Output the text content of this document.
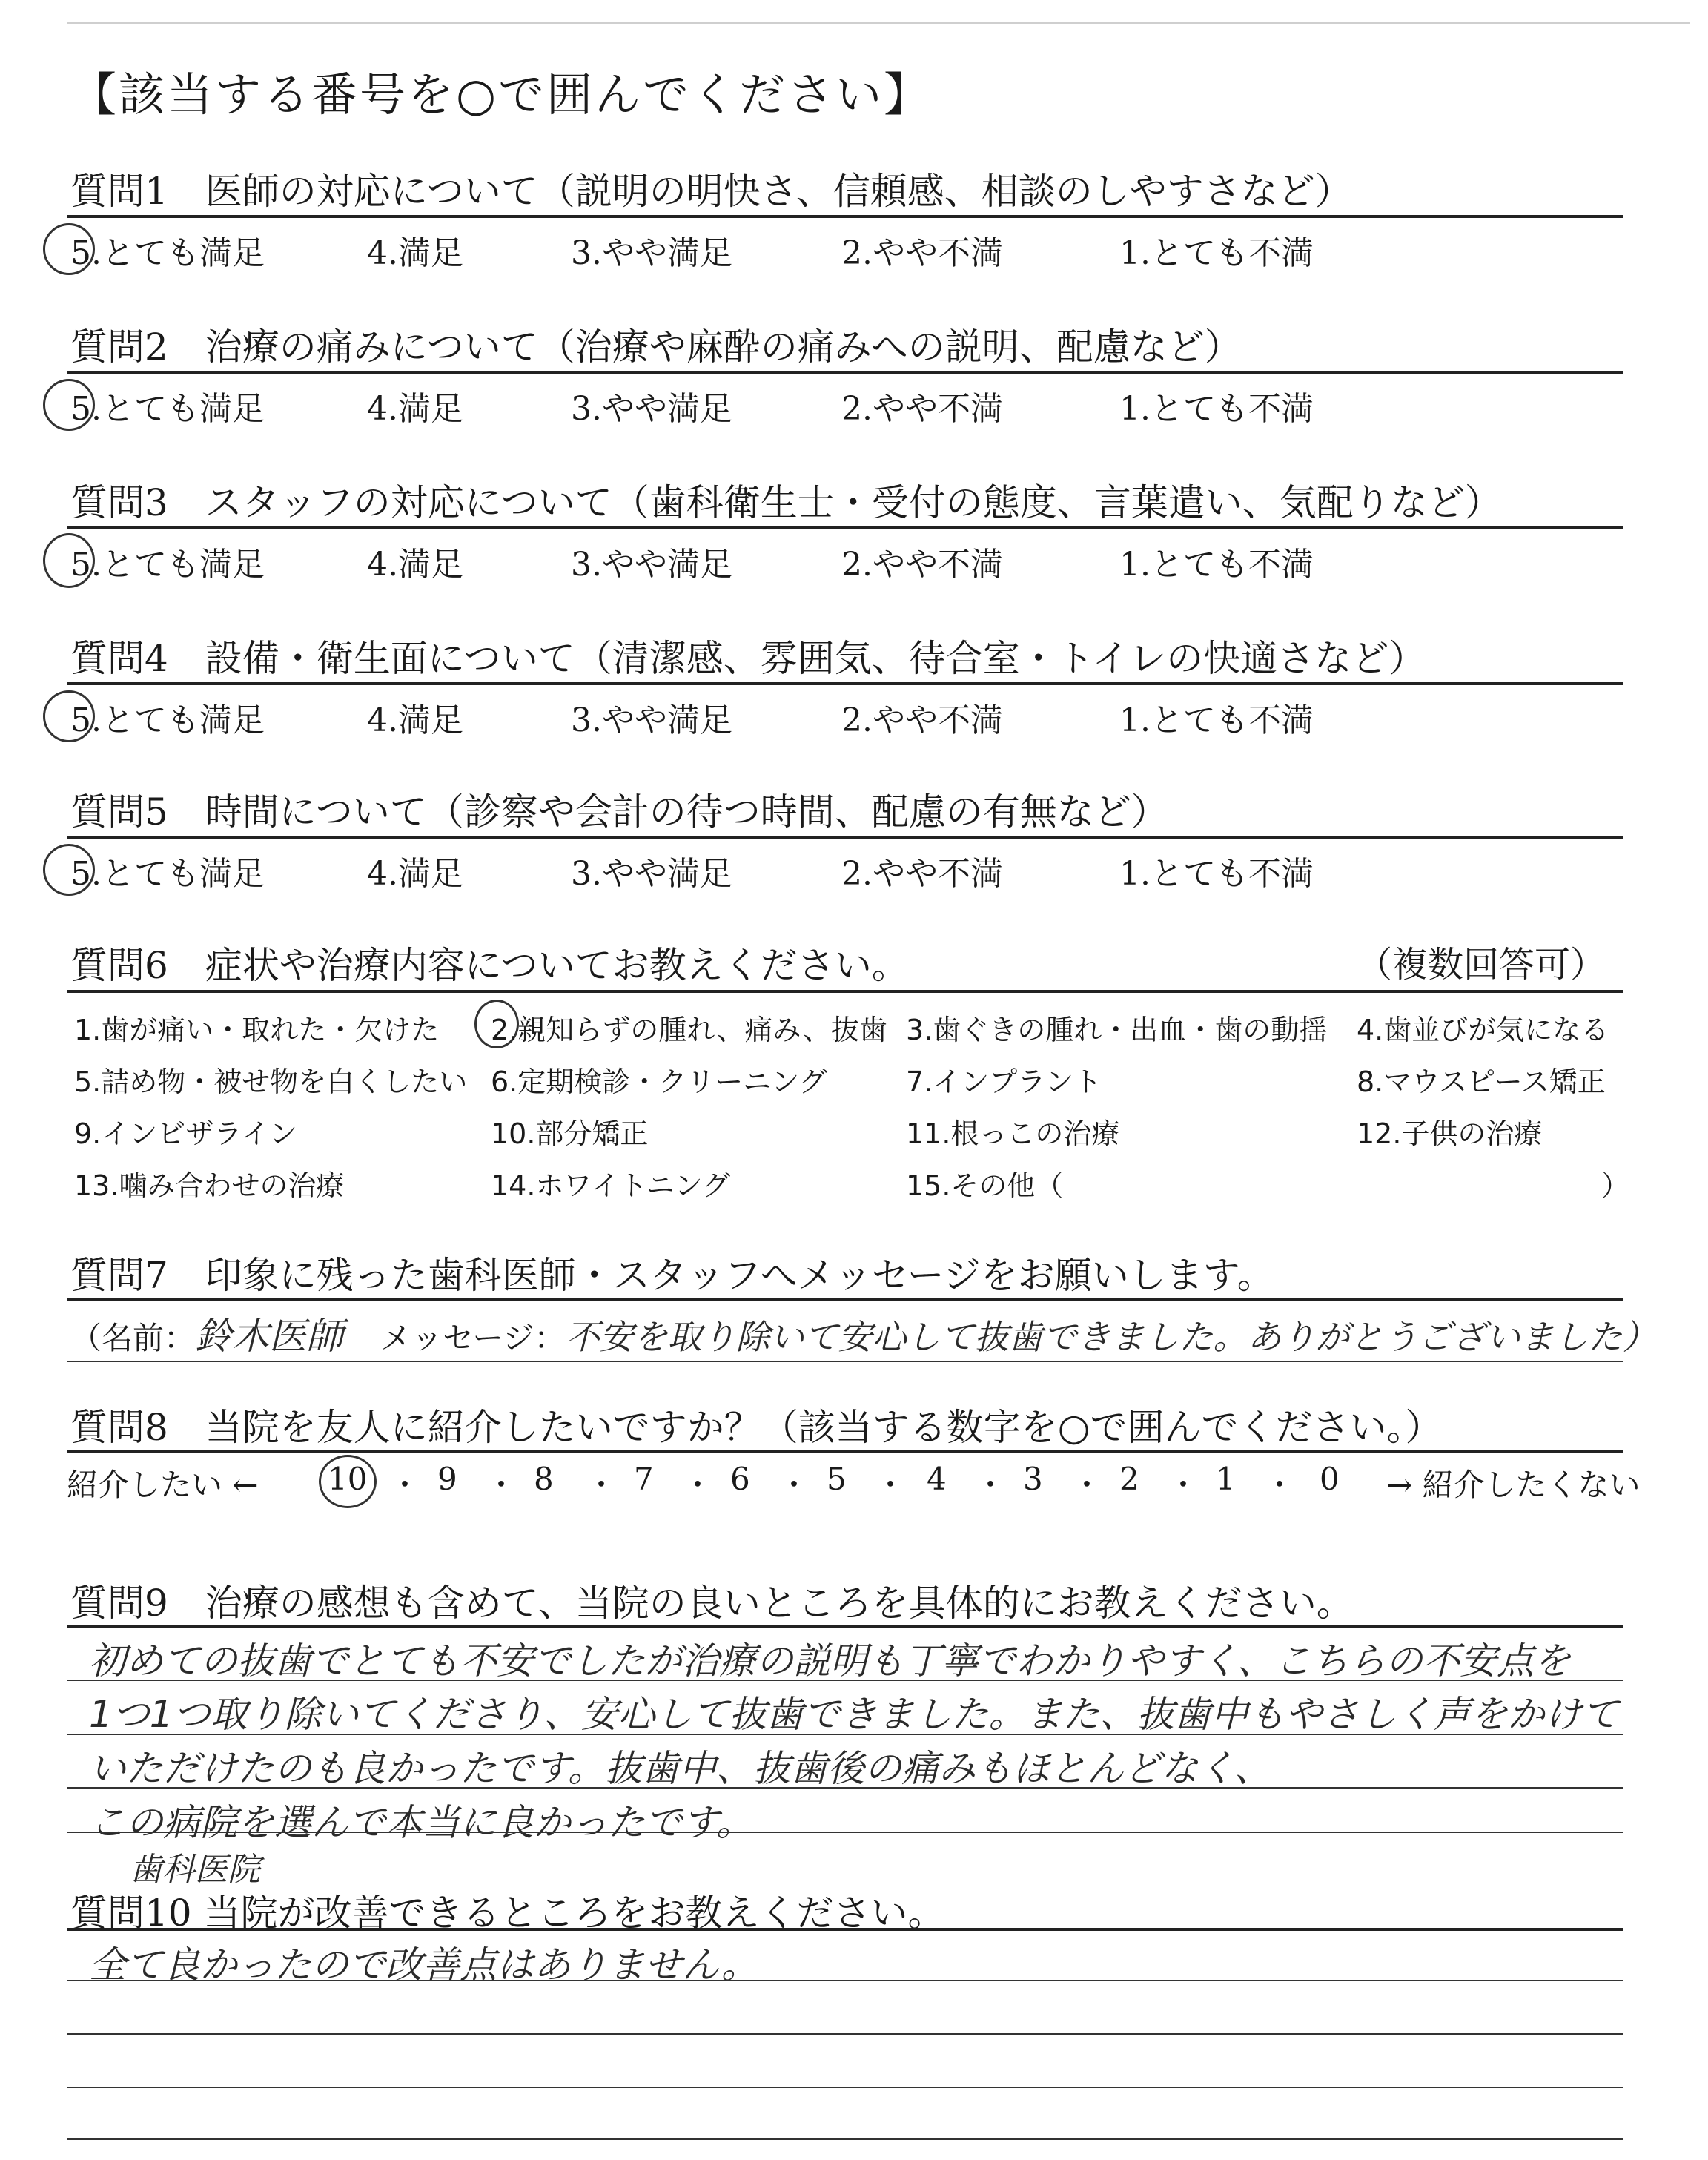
【該当する番号を○で囲んでください】
質問1　医師の対応について（説明の明快さ、信頼感、相談のしやすさなど）
5.とても満足	4.満足	3.やや満足	2.やや不満	1.とても不満
質問2　治療の痛みについて（治療や麻酔の痛みへの説明、配慮など）
5.とても満足	4.満足	3.やや満足	2.やや不満	1.とても不満
質問3　スタッフの対応について（歯科衛生士・受付の態度、言葉遣い、気配りなど）
5.とても満足	4.満足	3.やや満足	2.やや不満	1.とても不満
質問4　設備・衛生面について（清潔感、雰囲気、待合室・トイレの快適さなど）
5.とても満足	4.満足	3.やや満足	2.やや不満	1.とても不満
質問5　時間について（診察や会計の待つ時間、配慮の有無など）
5.とても満足	4.満足	3.やや満足	2.やや不満	1.とても不満
質問6　症状や治療内容についてお教えください。	（複数回答可）
1.歯が痛い・取れた・欠けた 2.親知らずの腫れ、痛み、抜歯 3.歯ぐきの腫れ・出血・歯の動揺 4.歯並びが気になる
5.詰め物・被せ物を白くしたい 6.定期検診・クリーニング	7.インプラント	8.マウスピース矯正
9.インビザライン	10.部分矯正	11.根っこの治療	12.子供の治療
13.噛み合わせの治療	14.ホワイトニング	15.その他（	）
質問7　印象に残った歯科医師・スタッフへメッセージをお願いします。
（名前：鈴木医師 メッセージ：不安を取り除いて安心して抜歯できました。ありがとうございました）
質問8　当院を友人に紹介したいですか？（該当する数字を○で囲んでください。）
紹介したい ← 10 ・ 9 ・ 8 ・ 7 ・ 6 ・ 5 ・ 4 ・ 3 ・ 2 ・ 1 ・ 0 → 紹介したくない
質問9　治療の感想も含めて、当院の良いところを具体的にお教えください。
初めての抜歯でとても不安でしたが治療の説明も丁寧でわかりやすく、こちらの不安点を
1つ1つ取り除いてくださり、安心して抜歯できました。また、抜歯中もやさしく声をかけて
いただけたのも良かったです。抜歯中、抜歯後の痛みもほとんどなく、
この病院を選んで本当に良かったです。
歯科医院
質問10 当院が改善できるところをお教えください。
全て良かったので改善点はありません。
